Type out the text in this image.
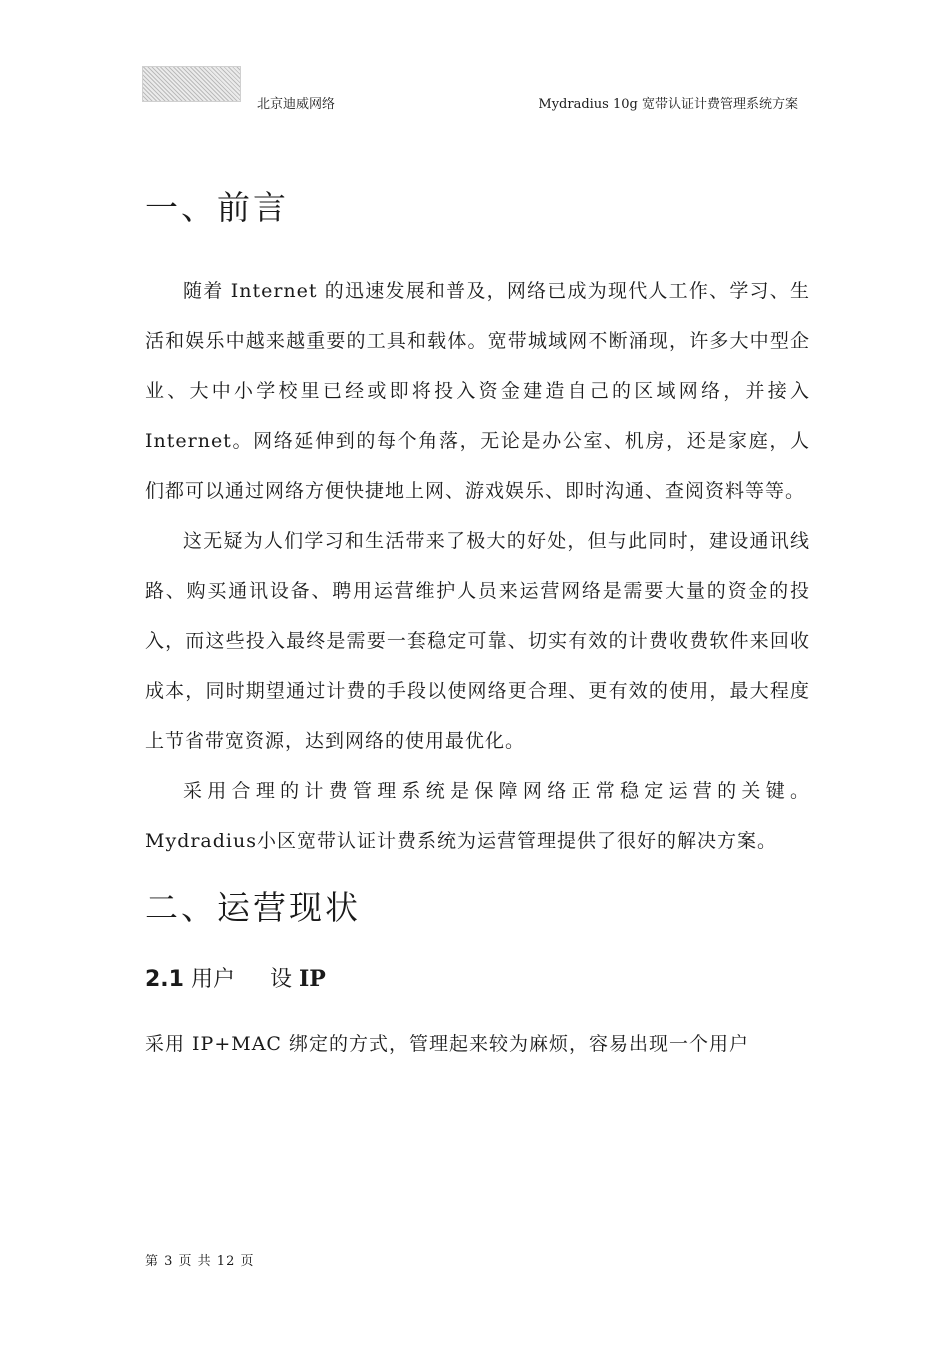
北京迪威网络	Mydradius 10g 宽带认证计费管理系统方案
一、前言

随着 Internet 的迅速发展和普及，网络已成为现代人工作、学习、生活和娱乐中越来越重要的工具和载体。宽带城域网不断涌现，许多大中型企业、大中小学校里已经或即将投入资金建造自己的区域网络，并接入 Internet。网络延伸到的每个角落，无论是办公室、机房，还是家庭，人们都可以通过网络方便快捷地上网、游戏娱乐、即时沟通、查阅资料等等。

这无疑为人们学习和生活带来了极大的好处，但与此同时，建设通讯线路、购买通讯设备、聘用运营维护人员来运营网络是需要大量的资金的投入，而这些投入最终是需要一套稳定可靠、切实有效的计费收费软件来回收成本，同时期望通过计费的手段以使网络更合理、更有效的使用，最大程度上节省带宽资源，达到网络的使用最优化。

采用合理的计费管理系统是保障网络正常稳定运营的关键。Mydradius小区宽带认证计费系统为运营管理提供了很好的解决方案。

二、运营现状
2.1 用户 设 IP

采用 IP+MAC 绑定的方式，管理起来较为麻烦，容易出现一个用户

第 3 页 共 12 页
